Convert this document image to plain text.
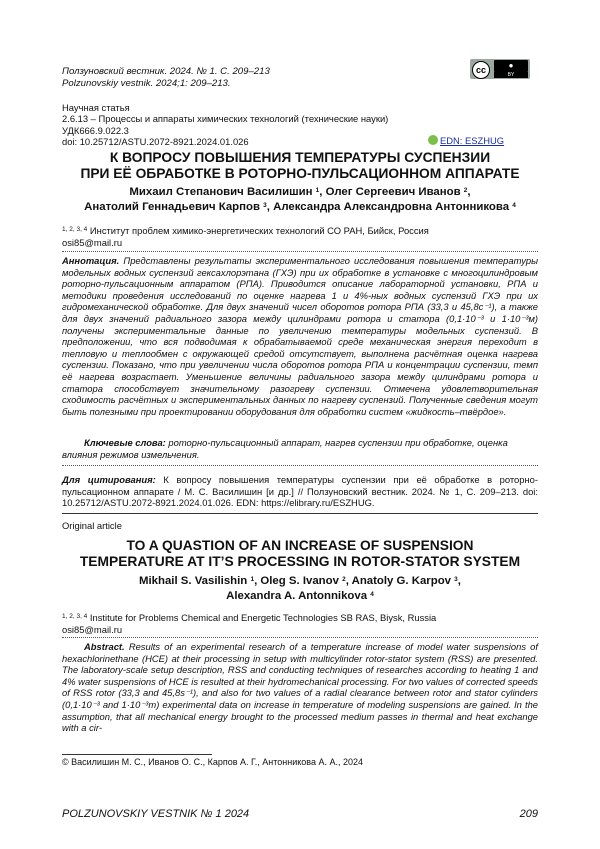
Ползуновский вестник. 2024. № 1. С. 209–213
Polzunovskiy vestnik. 2024;1: 209–213.
cc	●
BY
Научная статья
2.6.13 – Процессы и аппараты химических технологий (технические науки)
УДК666.9.022.3
doi: 10.25712/ASTU.2072-8921.2024.01.026	EDN: ESZHUG
К ВОПРОСУ ПОВЫШЕНИЯ ТЕМПЕРАТУРЫ СУСПЕНЗИИ
ПРИ ЕЁ ОБРАБОТКЕ В РОТОРНО-ПУЛЬСАЦИОННОМ АППАРАТЕ
Михаил Степанович Василишин $^1$, Олег Сергеевич Иванов $^2$,
Анатолий Геннадьевич Карпов $^3$, Александра Александровна Антонникова $^4$
$^{1, 2, 3, 4}$ Институт проблем химико-энергетических технологий СО РАН, Бийск, Россия
osi85@mail.ru
Аннотация. Представлены результаты экспериментального исследования повышения температуры модельных водных суспензий гексахлорэтана (ГХЭ) при их обработке в установке с многоцилиндровым роторно-пульсационным аппаратом (РПА). Приводится описание лабораторной установки, РПА и методики проведения исследований по оценке нагрева 1 и 4%-ных водных суспензий ГХЭ при их гидромеханической обработке. Для двух значений чисел оборотов ротора РПА (33,3 и 45,8с⁻¹), а также для двух значений радиального зазора между цилиндрами ротора и статора (0,1·10⁻³ и 1·10⁻³м) получены экспериментальные данные по увеличению температуры модельных суспензий. В предположении, что вся подводимая к обрабатываемой среде механическая энергия переходит в тепловую и теплообмен с окружающей средой отсутствует, выполнена расчётная оценка нагрева суспензии. Показано, что при увеличении числа оборотов ротора РПА и концентрации суспензии, темп её нагрева возрастает. Уменьшение величины радиального зазора между цилиндрами ротора и статора способствует значительному разогреву суспензии. Отмечена удовлетворительная сходимость расчётных и экспериментальных данных по нагреву суспензий. Полученные сведения могут быть полезными при проектировании оборудования для обработки систем «жидкость–твёрдое».
Ключевые слова: роторно-пульсационный аппарат, нагрев суспензии при обработке, оценка влияния режимов измельчения.
Для цитирования: К вопросу повышения температуры суспензии при её обработке в роторно-пульсационном аппарате / М. С. Василишин [и др.] // Ползуновский вестник. 2024. № 1, С. 209–213. doi: 10.25712/ASTU.2072-8921.2024.01.026. EDN: https://elibrary.ru/ESZHUG.
Original article
TO A QUASTION OF AN INCREASE OF SUSPENSION
TEMPERATURE AT IT’S PROCESSING IN ROTOR-STATOR SYSTEM
Mikhail S. Vasilishin $^1$, Oleg S. Ivanov $^2$, Anatoly G. Karpov $^3$,
Alexandra A. Antonnikova $^4$
$^{1, 2, 3, 4}$ Institute for Problems Chemical and Energetic Technologies SB RAS, Biysk, Russia
osi85@mail.ru
Abstract. Results of an experimental research of a temperature increase of model water suspensions of hexachlorinethane (HCE) at their processing in setup with multicylinder rotor-stator system (RSS) are presented. The laboratory-scale setup description, RSS and conducting techniques of researches according to heating 1 and 4% water suspensions of HCE is resulted at their hydromechanical processing. For two values of corrected speeds of RSS rotor (33,3 and 45,8s⁻¹), and also for two values of a radial clearance between rotor and stator cylinders (0,1·10⁻³ and 1·10⁻³m) experimental data on increase in temperature of modeling suspensions are gained. In the assumption, that all mechanical energy brought to the processed medium passes in thermal and heat exchange with a cir-
© Василишин М. С., Иванов О. С., Карпов А. Г., Антонникова А. А., 2024
POLZUNOVSKIY VESTNIK № 1 2024	209
